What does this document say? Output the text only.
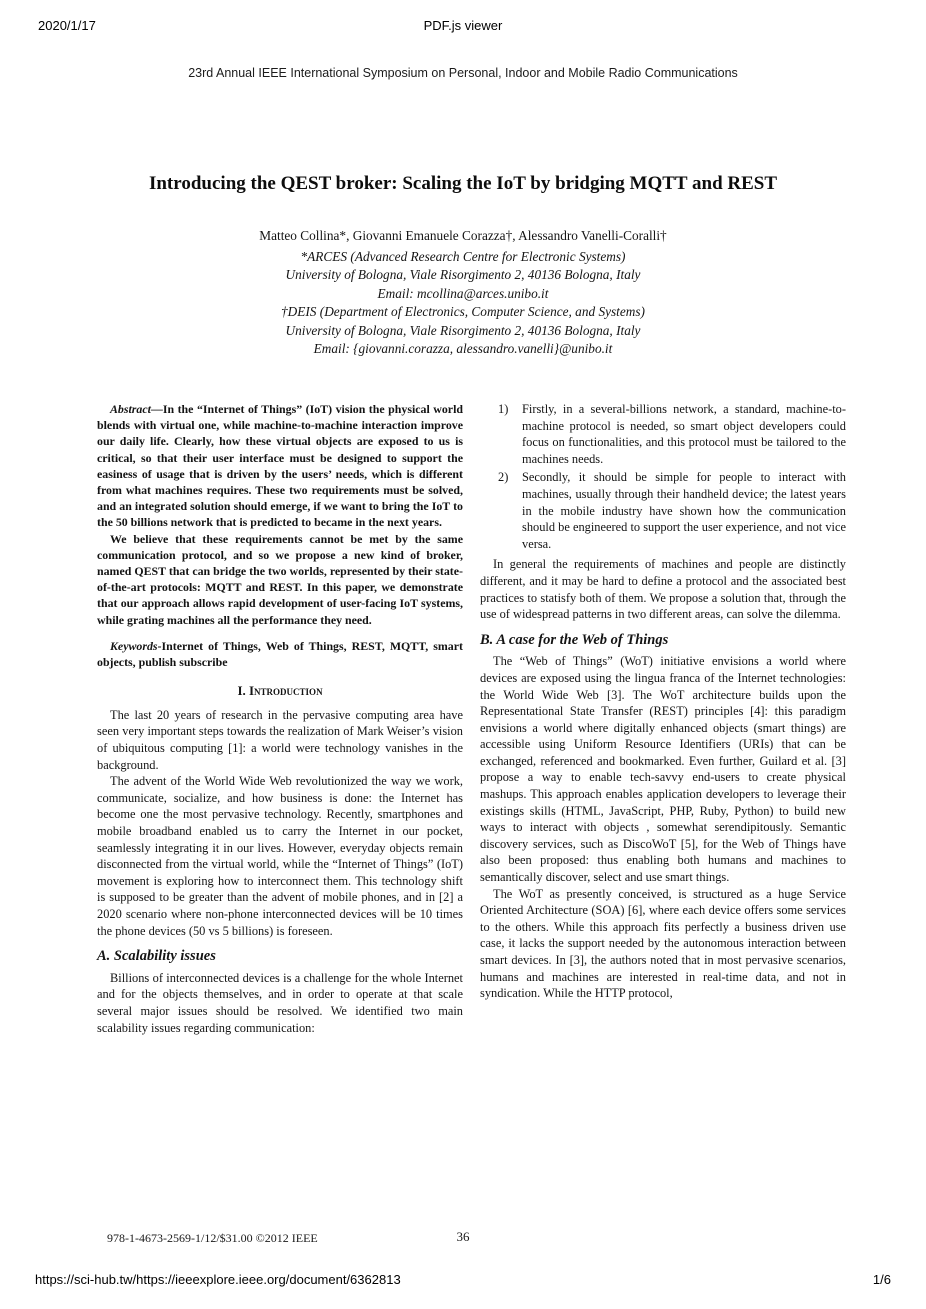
2020/1/17	PDF.js viewer
23rd Annual IEEE International Symposium on Personal, Indoor and Mobile Radio Communications
Introducing the QEST broker: Scaling the IoT by bridging MQTT and REST
Matteo Collina*, Giovanni Emanuele Corazza†, Alessandro Vanelli-Coralli†
*ARCES (Advanced Research Centre for Electronic Systems)
University of Bologna, Viale Risorgimento 2, 40136 Bologna, Italy
Email: mcollina@arces.unibo.it
†DEIS (Department of Electronics, Computer Science, and Systems)
University of Bologna, Viale Risorgimento 2, 40136 Bologna, Italy
Email: {giovanni.corazza, alessandro.vanelli}@unibo.it

Abstract—In the “Internet of Things” (IoT) vision the physical world blends with virtual one, while machine-to-machine interaction improve our daily life. Clearly, how these virtual objects are exposed to us is critical, so that their user interface must be designed to support the easiness of usage that is driven by the users’ needs, which is different from what machines requires. These two requirements must be solved, and an integrated solution should emerge, if we want to bring the IoT to the 50 billions network that is predicted to became in the next years.

We believe that these requirements cannot be met by the same communication protocol, and so we propose a new kind of broker, named QEST that can bridge the two worlds, represented by their state-of-the-art protocols: MQTT and REST. In this paper, we demonstrate that our approach allows rapid development of user-facing IoT systems, while grating machines all the performance they need.

Keywords-Internet of Things, Web of Things, REST, MQTT, smart objects, publish subscribe

I. Introduction

The last 20 years of research in the pervasive computing area have seen very important steps towards the realization of Mark Weiser’s vision of ubiquitous computing [1]: a world were technology vanishes in the background.

The advent of the World Wide Web revolutionized the way we work, communicate, socialize, and how business is done: the Internet has become one the most pervasive technology. Recently, smartphones and mobile broadband enabled us to carry the Internet in our pocket, seamlessly integrating it in our lives. However, everyday objects remain disconnected from the virtual world, while the “Internet of Things” (IoT) movement is exploring how to interconnect them. This technology shift is supposed to be greater than the advent of mobile phones, and in [2] a 2020 scenario where non-phone interconnected devices will be 10 times the phone devices (50 vs 5 billions) is foreseen.

A. Scalability issues

Billions of interconnected devices is a challenge for the whole Internet and for the objects themselves, and in order to operate at that scale several major issues should be resolved. We identified two main scalability issues regarding communication:

1) Firstly, in a several-billions network, a standard, machine-to-machine protocol is needed, so smart object developers could focus on functionalities, and this protocol must be tailored to the machines needs.
2) Secondly, it should be simple for people to interact with machines, usually through their handheld device; the latest years in the mobile industry have shown how the communication should be engineered to support the user experience, and not vice versa.

In general the requirements of machines and people are distinctly different, and it may be hard to define a protocol and the associated best practices to statisfy both of them. We propose a solution that, through the use of widespread patterns in two different areas, can solve the dilemma.

B. A case for the Web of Things

The “Web of Things” (WoT) initiative envisions a world where devices are exposed using the lingua franca of the Internet technologies: the World Wide Web [3]. The WoT architecture builds upon the Representational State Transfer (REST) principles [4]: this paradigm envisions a world where digitally enhanced objects (smart things) are accessible using Uniform Resource Identifiers (URIs) that can be exchanged, referenced and bookmarked. Even further, Guilard et al. [3] propose a way to enable tech-savvy end-users to create physical mashups. This approach enables application developers to leverage their existings skills (HTML, JavaScript, PHP, Ruby, Python) to build new ways to interact with objects , somewhat serendipitously. Semantic discovery services, such as DiscoWoT [5], for the Web of Things have also been proposed: thus enabling both humans and machines to semantically discover, select and use smart things.

The WoT as presently conceived, is structured as a huge Service Oriented Architecture (SOA) [6], where each device offers some services to the others. While this approach fits perfectly a business driven use case, it lacks the support needed by the autonomous interaction between smart devices. In [3], the authors noted that in most pervasive scenarios, humans and machines are interested in real-time data, and not in syndication. While the HTTP protocol,

978-1-4673-2569-1/12/$31.00 ©2012 IEEE	36
https://sci-hub.tw/https://ieeexplore.ieee.org/document/6362813	1/6
